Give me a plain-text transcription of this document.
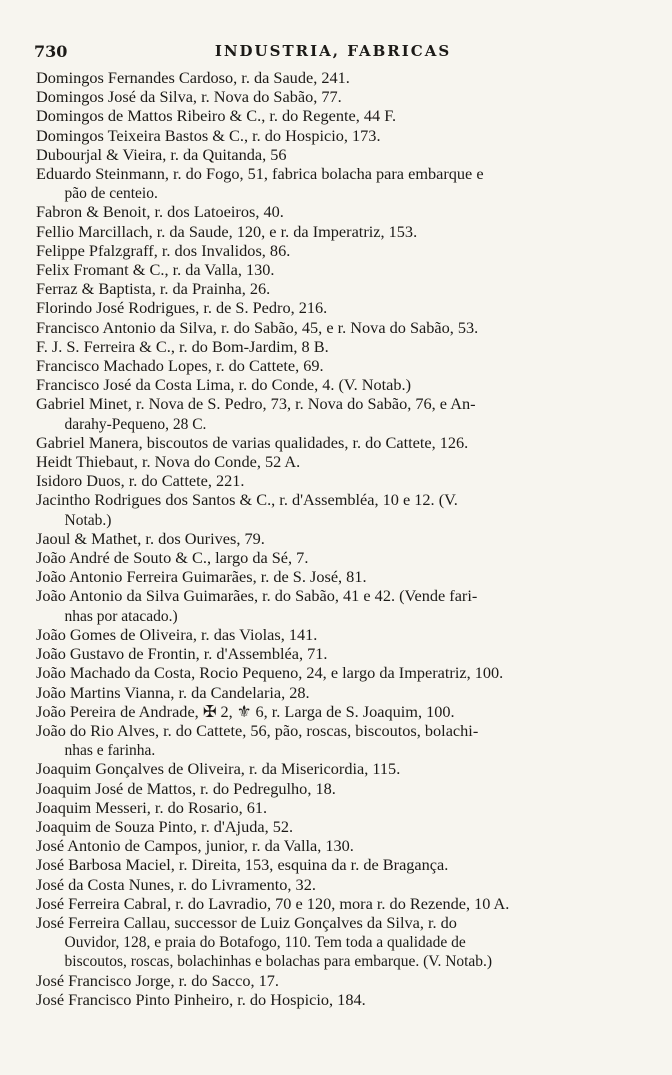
730	INDUSTRIA, FABRICAS
Domingos Fernandes Cardoso, r. da Saude, 241.
Domingos José da Silva, r. Nova do Sabão, 77.
Domingos de Mattos Ribeiro & C., r. do Regente, 44 F.
Domingos Teixeira Bastos & C., r. do Hospicio, 173.
Dubourjal & Vieira, r. da Quitanda, 56
Eduardo Steinmann, r. do Fogo, 51, fabrica bolacha para embarque e
pão de centeio.
Fabron & Benoit, r. dos Latoeiros, 40.
Fellio Marcillach, r. da Saude, 120, e r. da Imperatriz, 153.
Felippe Pfalzgraff, r. dos Invalidos, 86.
Felix Fromant & C., r. da Valla, 130.
Ferraz & Baptista, r. da Prainha, 26.
Florindo José Rodrigues, r. de S. Pedro, 216.
Francisco Antonio da Silva, r. do Sabão, 45, e r. Nova do Sabão, 53.
F. J. S. Ferreira & C., r. do Bom-Jardim, 8 B.
Francisco Machado Lopes, r. do Cattete, 69.
Francisco José da Costa Lima, r. do Conde, 4. (V. Notab.)
Gabriel Minet, r. Nova de S. Pedro, 73, r. Nova do Sabão, 76, e An-
darahy-Pequeno, 28 C.
Gabriel Manera, biscoutos de varias qualidades, r. do Cattete, 126.
Heidt Thiebaut, r. Nova do Conde, 52 A.
Isidoro Duos, r. do Cattete, 221.
Jacintho Rodrigues dos Santos & C., r. d'Assembléa, 10 e 12. (V.
Notab.)
Jaoul & Mathet, r. dos Ourives, 79.
João André de Souto & C., largo da Sé, 7.
João Antonio Ferreira Guimarães, r. de S. José, 81.
João Antonio da Silva Guimarães, r. do Sabão, 41 e 42. (Vende fari-
nhas por atacado.)
João Gomes de Oliveira, r. das Violas, 141.
João Gustavo de Frontin, r. d'Assembléa, 71.
João Machado da Costa, Rocio Pequeno, 24, e largo da Imperatriz, 100.
João Martins Vianna, r. da Candelaria, 28.
João Pereira de Andrade, ✠ 2, ⚜ 6, r. Larga de S. Joaquim, 100.
João do Rio Alves, r. do Cattete, 56, pão, roscas, biscoutos, bolachi-
nhas e farinha.
Joaquim Gonçalves de Oliveira, r. da Misericordia, 115.
Joaquim José de Mattos, r. do Pedregulho, 18.
Joaquim Messeri, r. do Rosario, 61.
Joaquim de Souza Pinto, r. d'Ajuda, 52.
José Antonio de Campos, junior, r. da Valla, 130.
José Barbosa Maciel, r. Direita, 153, esquina da r. de Bragança.
José da Costa Nunes, r. do Livramento, 32.
José Ferreira Cabral, r. do Lavradio, 70 e 120, mora r. do Rezende, 10 A.
José Ferreira Callau, successor de Luiz Gonçalves da Silva, r. do
Ouvidor, 128, e praia do Botafogo, 110. Tem toda a qualidade de
biscoutos, roscas, bolachinhas e bolachas para embarque. (V. Notab.)
José Francisco Jorge, r. do Sacco, 17.
José Francisco Pinto Pinheiro, r. do Hospicio, 184.
